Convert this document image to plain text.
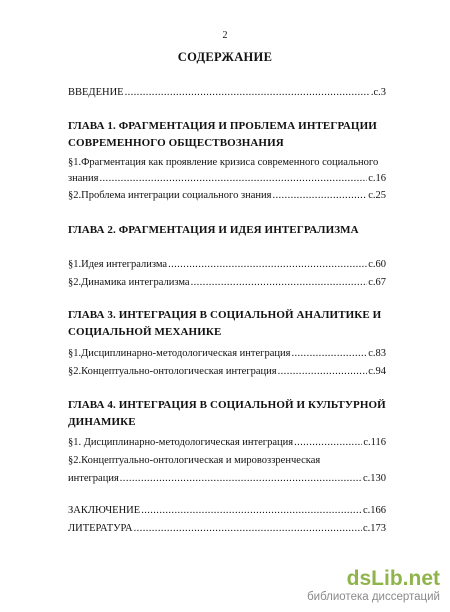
2
СОДЕРЖАНИЕ
ВВЕДЕНИЕ .....	.с.3
ГЛАВА 1. ФРАГМЕНТАЦИЯ И ПРОБЛЕМА ИНТЕГРАЦИИ
СОВРЕМЕННОГО ОБЩЕСТВОЗНАНИЯ
§1.Фрагментация как проявление кризиса современного социального
знания .....	с.16
§2.Проблема интеграции социального знания .....	с.25
ГЛАВА 2. ФРАГМЕНТАЦИЯ И ИДЕЯ ИНТЕГРАЛИЗМА
§1.Идея интегрализма .....	с.60
§2.Динамика интегрализма .....	с.67
ГЛАВА 3. ИНТЕГРАЦИЯ В СОЦИАЛЬНОЙ АНАЛИТИКЕ И
СОЦИАЛЬНОЙ МЕХАНИКЕ
§1.Дисциплинарно-методологическая интеграция .....	с.83
§2.Концептуально-онтологическая интеграция .....	с.94
ГЛАВА 4. ИНТЕГРАЦИЯ В СОЦИАЛЬНОЙ И КУЛЬТУРНОЙ
ДИНАМИКЕ
§1. Дисциплинарно-методологическая интеграция .....	с.116
§2.Концептуально-онтологическая и мировоззренческая
интеграция .....	с.130
ЗАКЛЮЧЕНИЕ .....	с.166
ЛИТЕРАТУРА .....	с.173
dsLib.net
библиотека диссертаций
